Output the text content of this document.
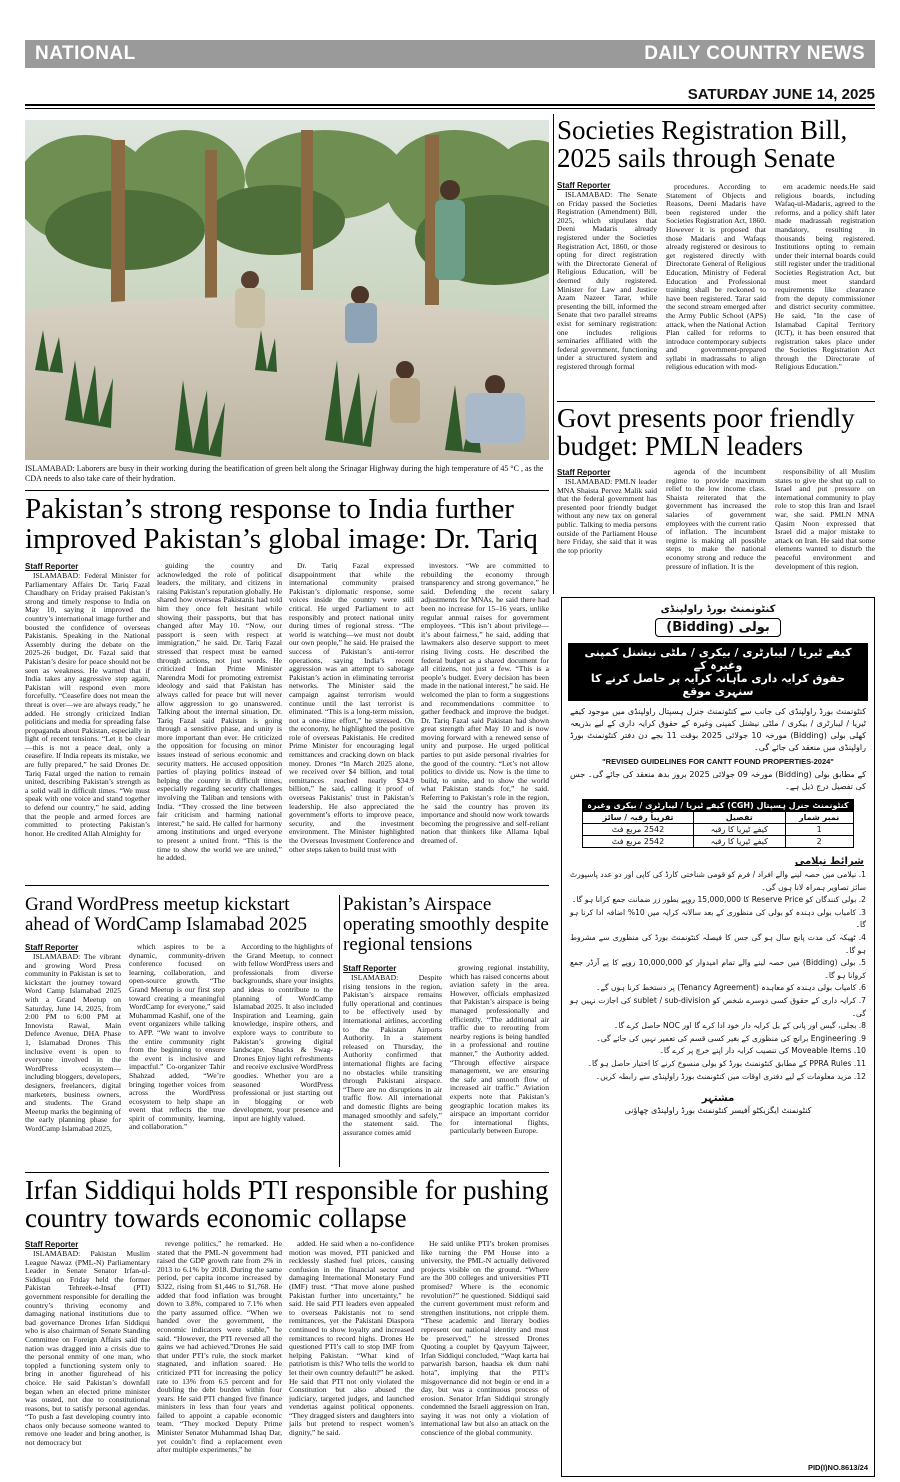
NATIONAL	DAILY COUNTRY NEWS
SATURDAY JUNE 14, 2025
ISLAMABAD: Laborers are busy in their working during the beatification of green belt along the Srinagar Highway during the high temperature of 45 °C , as the CDA needs to also take care of their hydration.
Societies Registration Bill, 2025 sails through Senate
Staff Reporter

ISLAMABAD: The Senate on Friday passed the Societies Registration (Amendment) Bill, 2025, which stipulates that Deeni Madaris already registered under the Societies Registration Act, 1860, or those opting for direct registration with the Directorate General of Religious Education, will be deemed duly registered. Minister for Law and Justice Azam Nazeer Tarar, while presenting the bill, informed the Senate that two parallel streams exist for seminary registration: one includes religious seminaries affiliated with the federal government, functioning under a structured system and registered through formal

procedures. According to Statement of Objects and Reasons, Deeni Madaris have been registered under the Societies Registration Act, 1860. However it is proposed that those Madaris and Wafaqs already registered or desirous to get registered directly with Directorate General of Religious Education, Ministry of Federal Education and Professional training shall be reckoned to have been registered. Tarar said the second stream emerged after the Army Public School (APS) attack, when the National Action Plan called for reforms to introduce contemporary subjects and government-prepared syllabi in madrassahs to align religious education with mod-

ern academic needs.He said religious boards, including Wafaq-ul-Madaris, agreed to the reforms, and a policy shift later made madrassah registration mandatory, resulting in thousands being registered. Institutions opting to remain under their internal boards could still register under the traditional Societies Registration Act, but must meet standard requirements like clearance from the deputy commissioner and district security committee. He said, "In the case of Islamabad Capital Territory (ICT), it has been ensured that registration takes place under the Societies Registration Act through the Directorate of Religious Education."

Govt presents poor friendly budget: PMLN leaders
Staff Reporter

ISLAMABAD: PMLN leader MNA Shaista Pervez Malik said that the federal government has presented poor friendly budget without any new tax on general public. Talking to media persons outside of the Parliament House here Friday, she said that it was the top priority

agenda of the incumbent regime to provide maximum relief to the low income class. Shaista reiterated that the government has increased the salaries of government employees with the current ratio of inflation. The incumbent regime is making all possible steps to make the national economy strong and reduce the pressure of inflation. It is the

responsibility of all Muslim states to give the shut up call to Israel and put pressure on international community to play role to stop this Iran and Israel war, she said. PMLN MNA Qasim Noon expressed that Israel did a major mistake to attack on Iran. He said that some elements wanted to disturb the peaceful environment and development of this region.

Pakistan’s strong response to India further improved Pakistan’s global image: Dr. Tariq
Staff Reporter

ISLAMABAD: Federal Minister for Parliamentary Affairs Dr. Tariq Fazal Chaudhary on Friday praised Pakistan’s strong and timely response to India on May 10, saying it improved the country’s international image further and boosted the confidence of overseas Pakistanis. Speaking in the National Assembly during the debate on the 2025-26 budget, Dr. Fazal said that Pakistan’s desire for peace should not be seen as weakness. He warned that if India takes any aggressive step again, Pakistan will respond even more forcefully. “Ceasefire does not mean the threat is over—we are always ready,” he added. He strongly criticized Indian politicians and media for spreading false propaganda about Pakistan, especially in light of recent tensions. “Let it be clear—this is not a peace deal, only a ceasefire. If India repeats its mistake, we are fully prepared,” he said Drones Dr. Tariq Fazal urged the nation to remain united, describing Pakistan’s strength as a solid wall in difficult times. “We must speak with one voice and stand together to defend our country,” he said, adding that the people and armed forces are committed to protecting Pakistan’s honor. He credited Allah Almighty for

guiding the country and acknowledged the role of political leaders, the military, and citizens in raising Pakistan’s reputation globally. He shared how overseas Pakistanis had told him they once felt hesitant while showing their passports, but that has changed after May 10. “Now, our passport is seen with respect at immigration,” he said. Dr. Tariq Fazal stressed that respect must be earned through actions, not just words. He criticized Indian Prime Minister Narendra Modi for promoting extremist ideology and said that Pakistan has always called for peace but will never allow aggression to go unanswered. Talking about the internal situation, Dr. Tariq Fazal said Pakistan is going through a sensitive phase, and unity is more important than ever. He criticized the opposition for focusing on minor issues instead of serious economic and security matters. He accused opposition parties of playing politics instead of helping the country in difficult times, especially regarding security challenges involving the Taliban and tensions with India. “They crossed the line between fair criticism and harming national interest,” he said. He called for harmony among institutions and urged everyone to present a united front. “This is the time to show the world we are united,” he added.

Dr. Tariq Fazal expressed disappointment that while the international community praised Pakistan’s diplomatic response, some voices inside the country were still critical. He urged Parliament to act responsibly and protect national unity during times of regional stress. “The world is watching—we must not doubt our own people,” he said. He praised the success of Pakistan’s anti-terror operations, saying India’s recent aggression was an attempt to sabotage Pakistan’s action in eliminating terrorist networks. The Minister said the campaign against terrorism would continue until the last terrorist is eliminated. “This is a long-term mission, not a one-time effort,” he stressed. On the economy, he highlighted the positive role of overseas Pakistanis. He credited Prime Minister for encouraging legal remittances and cracking down on black money. Drones “In March 2025 alone, we received over $4 billion, and total remittances reached nearly $34.9 billion,” he said, calling it proof of overseas Pakistanis’ trust in Pakistan’s leadership. He also appreciated the government’s efforts to improve peace, security, and the investment environment. The Minister highlighted the Overseas Investment Conference and other steps taken to build trust with

investors. “We are committed to rebuilding the economy through transparency and strong governance,” he said. Defending the recent salary adjustments for MNAs, he said there had been no increase for 15–16 years, unlike regular annual raises for government employees. “This isn’t about privilege—it’s about fairness,” he said, adding that lawmakers also deserve support to meet rising living costs. He described the federal budget as a shared document for all citizens, not just a few. “This is a people’s budget. Every decision has been made in the national interest,” he said. He welcomed the plan to form a suggestions and recommendations committee to gather feedback and improve the budget. Dr. Tariq Fazal said Pakistan had shown great strength after May 10 and is now moving forward with a renewed sense of unity and purpose. He urged political parties to put aside personal rivalries for the good of the country. “Let’s not allow politics to divide us. Now is the time to build, to unite, and to show the world what Pakistan stands for,” he said. Referring to Pakistan’s role in the region, he said the country has proven its importance and should now work towards becoming the progressive and self-reliant nation that thinkers like Allama Iqbal dreamed of.

Grand WordPress meetup kickstart ahead of WordCamp Islamabad 2025
Staff Reporter

ISLAMABAD: The vibrant and growing Word Press community in Pakistan is set to kickstart the journey toward Word Camp Islamabad 2025 with a Grand Meetup on Saturday, June 14, 2025, from 2:00 PM to 6:00 PM at Innovista Rawal, Main Defence Avenue, DHA Phase 1, Islamabad Drones This inclusive event is open to everyone involved in the WordPress ecosystem—including bloggers, developers, designers, freelancers, digital marketers, business owners, and students. The Grand Meetup marks the beginning of the early planning phase for WordCamp Islamabad 2025,

which aspires to be a dynamic, community-driven conference focused on learning, collaboration, and open-source growth. “The Grand Meetup is our first step toward creating a meaningful WordCamp for everyone,” said Muhammad Kashif, one of the event organizers while talking to APP. “We want to involve the entire community right from the beginning to ensure the event is inclusive and impactful.” Co-organizer Tahir Shahzad added, “We’re bringing together voices from across the WordPress ecosystem to help shape an event that reflects the true spirit of community, learning, and collaboration.”

According to the highlights of the Grand Meetup, to connect with fellow WordPress users and professionals from diverse backgrounds, share your insights and ideas to contribute to the planning of WordCamp Islamabad 2025. It also included Inspiration and Learning, gain knowledge, inspire others, and explore ways to contribute to Pakistan’s growing digital landscape. Snacks & Swag- Drones Enjoy light refreshments and receive exclusive WordPress goodies. Whether you are a seasoned WordPress professional or just starting out in blogging or web development, your presence and input are highly valued.

Pakistan’s Airspace operating smoothly despite regional tensions
Staff Reporter

ISLAMABAD: Despite rising tensions in the region, Pakistan’s airspace remains fully operational and continues to be effectively used by international airlines, according to the Pakistan Airports Authority. In a statement released on Thursday, the Authority confirmed that international flights are facing no obstacles while transiting through Pakistani airspace. “There are no disruptions in air traffic flow. All international and domestic flights are being managed smoothly and safely,” the statement said. The assurance comes amid

growing regional instability, which has raised concerns about aviation safety in the area. However, officials emphasized that Pakistan’s airspace is being managed professionally and efficiently. “The additional air traffic due to rerouting from nearby regions is being handled in a professional and routine manner,” the Authority added. “Through effective airspace management, we are ensuring the safe and smooth flow of increased air traffic.” Aviation experts note that Pakistan’s geographic location makes its airspace an important corridor for international flights, particularly between Europe.

Irfan Siddiqui holds PTI responsible for pushing country towards economic collapse
Staff Reporter

ISLAMABAD: Pakistan Muslim League Nawaz (PML-N) Parliamentary Leader in Senate Senator Irfan-ul-Siddiqui on Friday held the former Pakistan Tehreek-e-Insaf (PTI) government responsible for derailing the country’s thriving economy and damaging national institutions due to bad governance Drones Irfan Siddiqui who is also chairman of Senate Standing Committee on Foreign Affairs said the nation was dragged into a crisis due to the personal enmity of one man, who toppled a functioning system only to bring in another figurehead of his choice. He said Pakistan’s downfall began when an elected prime minister was ousted, not due to constitutional reasons, but to satisfy personal agendas. “To push a fast developing country into chaos only because someone wanted to remove one leader and bring another, is not democracy but

revenge politics,” he remarked. He stated that the PML-N government had raised the GDP growth rate from 2% in 2013 to 6.1% by 2018. During the same period, per capita income increased by $322, rising from $1,446 to $1,768. He added that food inflation was brought down to 3.8%, compared to 7.1% when the party assumed office. “When we handed over the government, the economic indicators were stable,” he said. “However, the PTI reversed all the gains we had achieved.”Drones He said that under PTI’s rule, the stock market stagnated, and inflation soared. He criticized PTI for increasing the policy rate to 13% from 6.5 percent and for doubling the debt burden within four years. He said PTI changed five finance ministers in less than four years and failed to appoint a capable economic team. “They mocked Deputy Prime Minister Senator Muhammad Ishaq Dar, yet couldn’t find a replacement even after multiple experiments,” he

added. He said when a no-confidence motion was moved, PTI panicked and recklessly slashed fuel prices, causing confusion in the financial sector and damaging International Monetary Fund (IMF) trust. “That move alone pushed Pakistan further into uncertainty,” he said. He said PTI leaders even appealed to overseas Pakistanis not to send remittances, yet the Pakistani Diaspora continued to show loyalty and increased remittances to record highs. Drones He questioned PTI’s call to stop IMF from helping Pakistan. “What kind of patriotism is this? Who tells the world to let their own country default?” he asked. He said that PTI not only violated the Constitution but also abused the judiciary, targeted judges, and launched vendettas against political opponents. “They dragged sisters and daughters into jails but pretend to respect women’s dignity,” he said.

He said unlike PTI’s broken promises like turning the PM House into a university, the PML-N actually delivered projects visible on the ground. “Where are the 300 colleges and universities PTI promised? Where is the economic revolution?” he questioned. Siddiqui said the current government must reform and strengthen institutions, not cripple them. “These academic and literary bodies represent our national identity and must be preserved,” he stressed Drones Quoting a couplet by Qayyum Tajweer, Irfan Siddiqui concluded, “Waqt karta hai parwarish barson, haadsa ek dum nahi hota”, implying that the PTI’s misgovernance did not begin or end in a day, but was a continuous process of erosion. Senator Irfan Siddiqui strongly condemned the Israeli aggression on Iran, saying it was not only a violation of international law but also an attack on the conscience of the global community.

کنٹونمنٹ بورڈ راولپنڈی
بولی (Bidding)
کیفے ٹیریا / لیبارٹری / بیکری / ملٹی نیشنل کمپنی وغیرہ کے
حقوق کرایہ داری ماہانہ کرایہ پر حاصل کرنے کا سنہری موقع
کنٹونمنٹ بورڈ راولپنڈی کی جانب سے کنٹونمنٹ جنرل ہسپتال راولپنڈی میں موجود کیفے ٹیریا / لیبارٹری / بیکری / ملٹی نیشنل کمپنی وغیرہ کے حقوق کرایہ داری کے لیے بذریعہ کھلی بولی (Bidding) مورخہ 10 جولائی 2025 بوقت 11 بجے دن دفتر کنٹونمنٹ بورڈ راولپنڈی میں منعقد کی جائے گی۔
"REVISED GUIDELINES FOR CANTT FOUND PROPERTIES-2024"
کے مطابق بولی (Bidding) مورخہ 09 جولائی 2025 بروز بدھ منعقد کی جائے گی۔ جس کی تفصیل درج ذیل ہے۔
کنٹونمنٹ جنرل ہسپتال (CGH) کیفے ٹیریا / لیبارٹری / بیکری وغیرہ		
نمبر شمار	تفصیل	تقریباً رقبہ / سائز
1	کیفے ٹیریا کا رقبہ	2542 مربع فٹ
2	کیفے ٹیریا کا رقبہ	2542 مربع فٹ
شرائط نیلامی
1. نیلامی میں حصہ لینے والے افراد / فرم کو قومی شناختی کارڈ کی کاپی اور دو عدد پاسپورٹ سائز تصاویر ہمراہ لانا ہوں گی۔
2. بولی کنندگان کو Reserve Price کا 15,000,000 روپے بطور زر ضمانت جمع کرانا ہو گا۔
3. کامیاب بولی دہندہ کو بولی کی منظوری کے بعد سالانہ کرایہ میں 10% اضافہ ادا کرنا ہو گا۔
4. ٹھیکہ کی مدت پانچ سال ہو گی جس کا فیصلہ کنٹونمنٹ بورڈ کی منظوری سے مشروط ہو گا۔
5. بولی (Bidding) میں حصہ لینے والے تمام امیدوار کو 10,000,000 روپے کا پے آرڈر جمع کروانا ہو گا۔
6. کامیاب بولی دہندہ کو معاہدہ (Tenancy Agreement) پر دستخط کرنا ہوں گے۔
7. کرایہ داری کے حقوق کسی دوسرے شخص کو sublet / sub-division کی اجازت نہیں ہو گی۔
8. بجلی، گیس اور پانی کے بل کرایہ دار خود ادا کرے گا اور NOC حاصل کرے گا۔
9. Engineering برانچ کی منظوری کے بغیر کسی قسم کی تعمیر نہیں کی جائے گی۔
10. Moveable Items کی تنصیب کرایہ دار اپنے خرچ پر کرے گا۔
11. PPRA Rules کے مطابق کنٹونمنٹ بورڈ کو بولی منسوخ کرنے کا اختیار حاصل ہو گا۔
12. مزید معلومات کے لیے دفتری اوقات میں کنٹونمنٹ بورڈ راولپنڈی سے رابطہ کریں۔
مشتہر
کنٹونمنٹ ایگزیکٹو آفیسر کنٹونمنٹ بورڈ راولپنڈی چھاؤنی
PID(I)NO.8613/24
